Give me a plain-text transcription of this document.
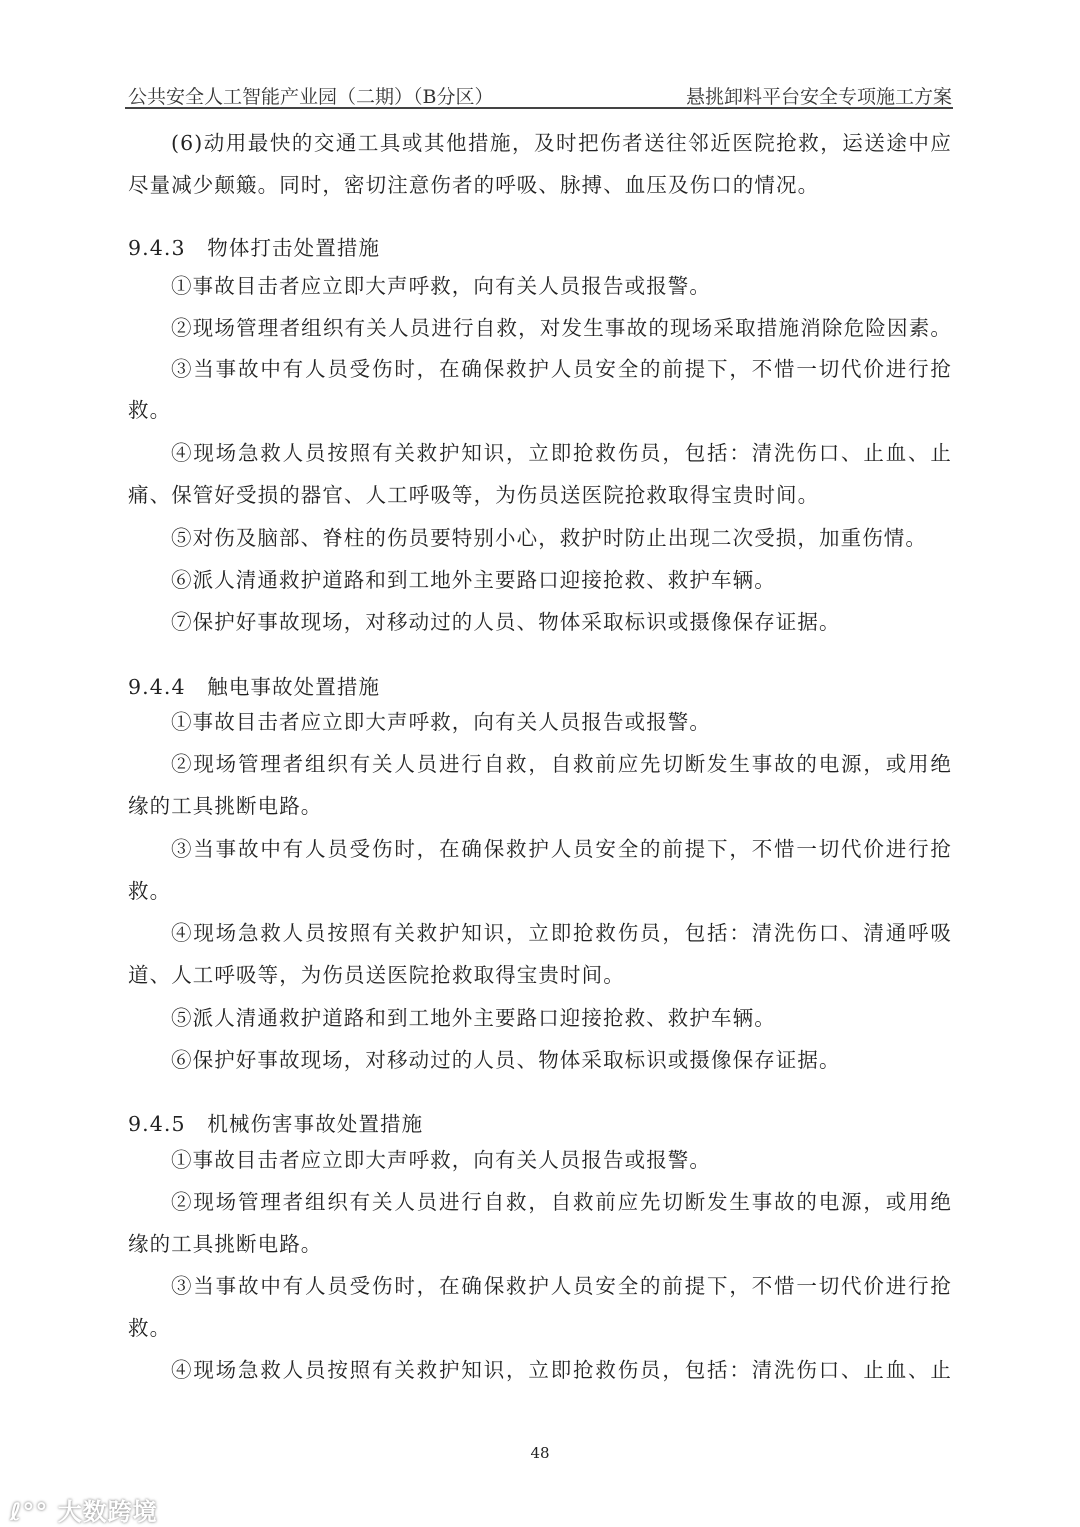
公共安全人工智能产业园（二期）（B分区）	悬挑卸料平台安全专项施工方案
(6)动用最快的交通工具或其他措施，及时把伤者送往邻近医院抢救，运送途中应
尽量减少颠簸。同时，密切注意伤者的呼吸、脉搏、血压及伤口的情况。
9.4.3　物体打击处置措施
①事故目击者应立即大声呼救，向有关人员报告或报警。
②现场管理者组织有关人员进行自救，对发生事故的现场采取措施消除危险因素。
③当事故中有人员受伤时，在确保救护人员安全的前提下，不惜一切代价进行抢
救。
④现场急救人员按照有关救护知识，立即抢救伤员，包括：清洗伤口、止血、止
痛、保管好受损的器官、人工呼吸等，为伤员送医院抢救取得宝贵时间。
⑤对伤及脑部、脊柱的伤员要特别小心，救护时防止出现二次受损，加重伤情。
⑥派人清通救护道路和到工地外主要路口迎接抢救、救护车辆。
⑦保护好事故现场，对移动过的人员、物体采取标识或摄像保存证据。
9.4.4　触电事故处置措施
①事故目击者应立即大声呼救，向有关人员报告或报警。
②现场管理者组织有关人员进行自救，自救前应先切断发生事故的电源，或用绝
缘的工具挑断电路。
③当事故中有人员受伤时，在确保救护人员安全的前提下，不惜一切代价进行抢
救。
④现场急救人员按照有关救护知识，立即抢救伤员，包括：清洗伤口、清通呼吸
道、人工呼吸等，为伤员送医院抢救取得宝贵时间。
⑤派人清通救护道路和到工地外主要路口迎接抢救、救护车辆。
⑥保护好事故现场，对移动过的人员、物体采取标识或摄像保存证据。
9.4.5　机械伤害事故处置措施
①事故目击者应立即大声呼救，向有关人员报告或报警。
②现场管理者组织有关人员进行自救，自救前应先切断发生事故的电源，或用绝
缘的工具挑断电路。
③当事故中有人员受伤时，在确保救护人员安全的前提下，不惜一切代价进行抢
救。
④现场急救人员按照有关救护知识，立即抢救伤员，包括：清洗伤口、止血、止
48
ℓ°° 大数跨境
